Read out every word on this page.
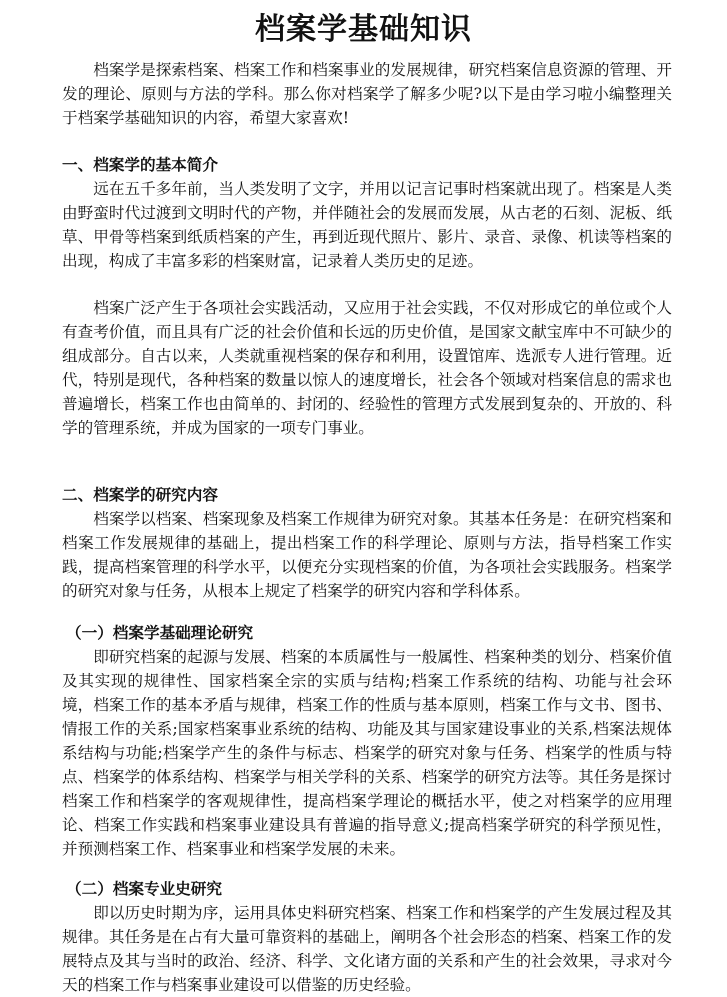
档案学基础知识

档案学是探索档案、档案工作和档案事业的发展规律，研究档案信息资源的管理、开发的理论、原则与方法的学科。那么你对档案学了解多少呢?以下是由学习啦小编整理关于档案学基础知识的内容，希望大家喜欢!

一、档案学的基本简介

远在五千多年前，当人类发明了文字，并用以记言记事时档案就出现了。档案是人类由野蛮时代过渡到文明时代的产物，并伴随社会的发展而发展，从古老的石刻、泥板、纸草、甲骨等档案到纸质档案的产生，再到近现代照片、影片、录音、录像、机读等档案的出现，构成了丰富多彩的档案财富，记录着人类历史的足迹。

档案广泛产生于各项社会实践活动，又应用于社会实践，不仅对形成它的单位或个人有查考价值，而且具有广泛的社会价值和长远的历史价值，是国家文献宝库中不可缺少的组成部分。自古以来，人类就重视档案的保存和利用，设置馆库、选派专人进行管理。近代，特别是现代，各种档案的数量以惊人的速度增长，社会各个领域对档案信息的需求也普遍增长，档案工作也由简单的、封闭的、经验性的管理方式发展到复杂的、开放的、科学的管理系统，并成为国家的一项专门事业。

二、档案学的研究内容

档案学以档案、档案现象及档案工作规律为研究对象。其基本任务是：在研究档案和档案工作发展规律的基础上，提出档案工作的科学理论、原则与方法，指导档案工作实践，提高档案管理的科学水平，以便充分实现档案的价值，为各项社会实践服务。档案学的研究对象与任务，从根本上规定了档案学的研究内容和学科体系。

（一）档案学基础理论研究

即研究档案的起源与发展、档案的本质属性与一般属性、档案种类的划分、档案价值及其实现的规律性、国家档案全宗的实质与结构;档案工作系统的结构、功能与社会环境，档案工作的基本矛盾与规律，档案工作的性质与基本原则，档案工作与文书、图书、情报工作的关系;国家档案事业系统的结构、功能及其与国家建设事业的关系,档案法规体系结构与功能;档案学产生的条件与标志、档案学的研究对象与任务、档案学的性质与特点、档案学的体系结构、档案学与相关学科的关系、档案学的研究方法等。其任务是探讨档案工作和档案学的客观规律性，提高档案学理论的概括水平，使之对档案学的应用理论、档案工作实践和档案事业建设具有普遍的指导意义;提高档案学研究的科学预见性，并预测档案工作、档案事业和档案学发展的未来。

（二）档案专业史研究

即以历史时期为序，运用具体史料研究档案、档案工作和档案学的产生发展过程及其规律。其任务是在占有大量可靠资料的基础上，阐明各个社会形态的档案、档案工作的发展特点及其与当时的政治、经济、科学、文化诸方面的关系和产生的社会效果，寻求对今天的档案工作与档案事业建设可以借鉴的历史经验。
